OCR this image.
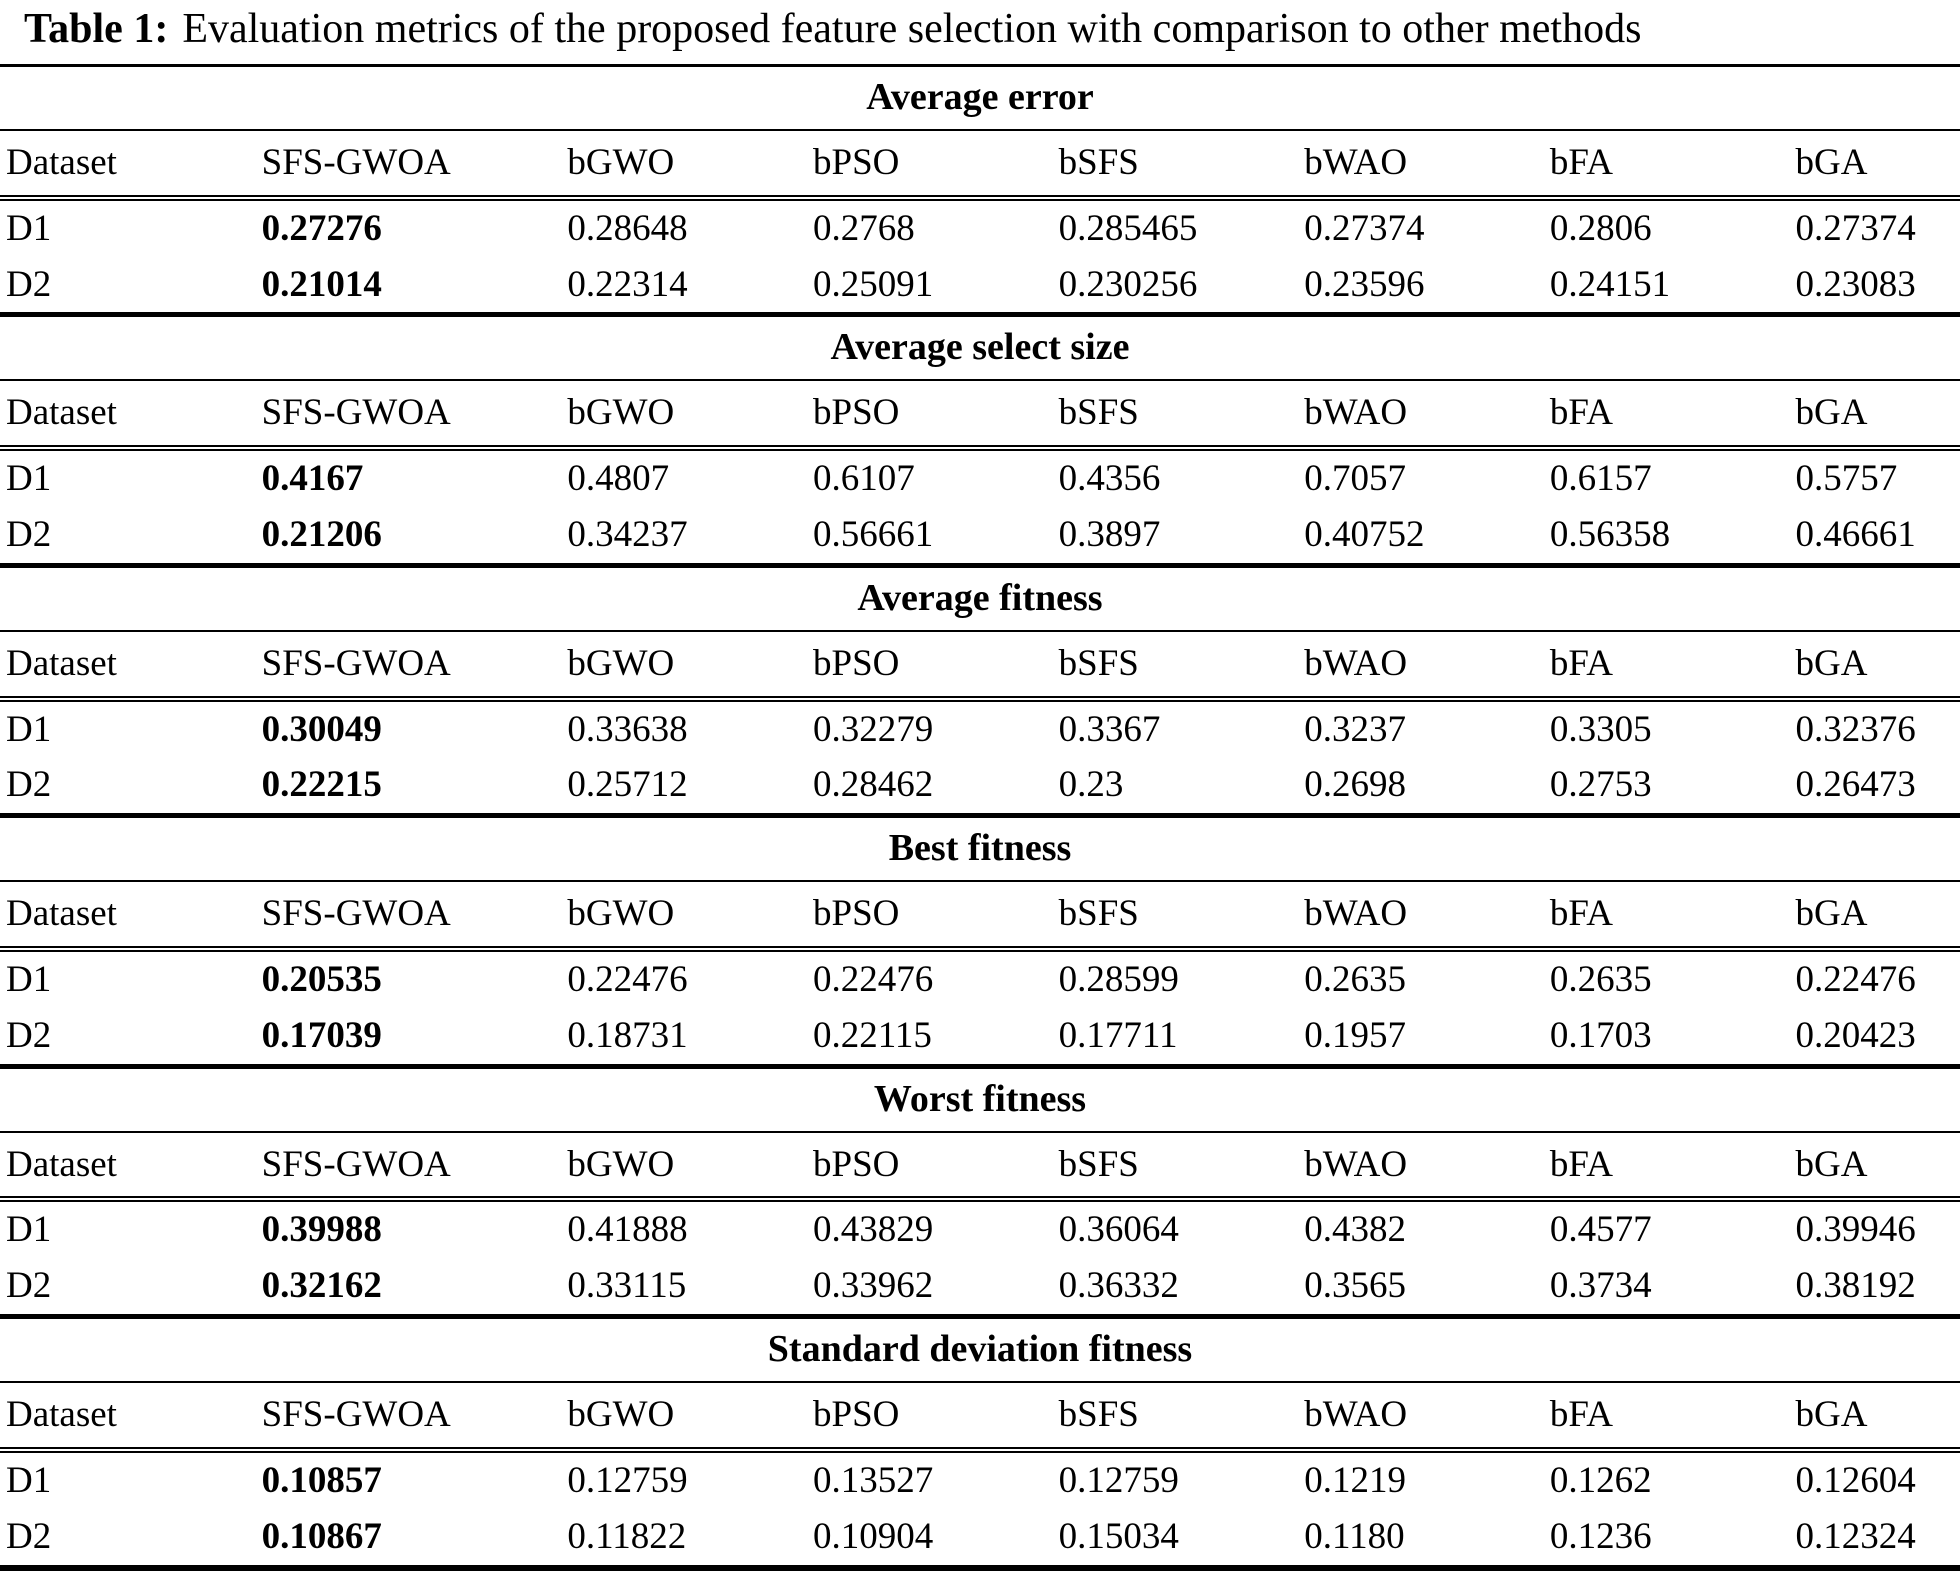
Table 1: Evaluation metrics of the proposed feature selection with comparison to other methods
Average error							
Dataset	SFS-GWOA	bGWO	bPSO	bSFS	bWAO	bFA	bGA
D1	0.27276	0.28648	0.2768	0.285465	0.27374	0.2806	0.27374
D2	0.21014	0.22314	0.25091	0.230256	0.23596	0.24151	0.23083
Average select size							
Dataset	SFS-GWOA	bGWO	bPSO	bSFS	bWAO	bFA	bGA
D1	0.4167	0.4807	0.6107	0.4356	0.7057	0.6157	0.5757
D2	0.21206	0.34237	0.56661	0.3897	0.40752	0.56358	0.46661
Average fitness							
Dataset	SFS-GWOA	bGWO	bPSO	bSFS	bWAO	bFA	bGA
D1	0.30049	0.33638	0.32279	0.3367	0.3237	0.3305	0.32376
D2	0.22215	0.25712	0.28462	0.23	0.2698	0.2753	0.26473
Best fitness							
Dataset	SFS-GWOA	bGWO	bPSO	bSFS	bWAO	bFA	bGA
D1	0.20535	0.22476	0.22476	0.28599	0.2635	0.2635	0.22476
D2	0.17039	0.18731	0.22115	0.17711	0.1957	0.1703	0.20423
Worst fitness							
Dataset	SFS-GWOA	bGWO	bPSO	bSFS	bWAO	bFA	bGA
D1	0.39988	0.41888	0.43829	0.36064	0.4382	0.4577	0.39946
D2	0.32162	0.33115	0.33962	0.36332	0.3565	0.3734	0.38192
Standard deviation fitness							
Dataset	SFS-GWOA	bGWO	bPSO	bSFS	bWAO	bFA	bGA
D1	0.10857	0.12759	0.13527	0.12759	0.1219	0.1262	0.12604
D2	0.10867	0.11822	0.10904	0.15034	0.1180	0.1236	0.12324
